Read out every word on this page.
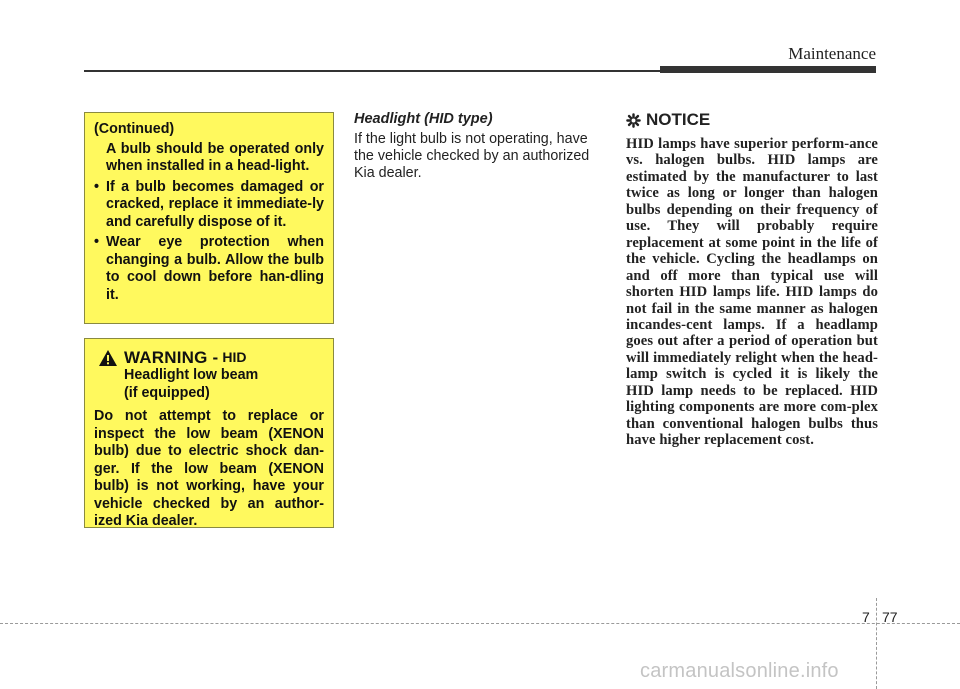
Maintenance
(Continued)

A bulb should be operated only when installed in a head-light.

• If a bulb becomes damaged or cracked, replace it immediate-ly and carefully dispose of it.
• Wear eye protection when changing a bulb. Allow the bulb to cool down before han-dling it.
WARNING - HID
Headlight low beam
(if equipped)
Do not attempt to replace or inspect the low beam (XENON bulb) due to electric shock dan-ger. If the low beam (XENON bulb) is not working, have your vehicle checked by an author-ized Kia dealer.

Headlight (HID type)

If the light bulb is not operating, have the vehicle checked by an authorized Kia dealer.

NOTICE

HID lamps have superior perform-ance vs. halogen bulbs. HID lamps are estimated by the manufacturer to last twice as long or longer than halogen bulbs depending on their frequency of use. They will probably require replacement at some point in the life of the vehicle. Cycling the headlamps on and off more than typical use will shorten HID lamps life. HID lamps do not fail in the same manner as halogen incandes-cent lamps. If a headlamp goes out after a period of operation but will immediately relight when the head-lamp switch is cycled it is likely the HID lamp needs to be replaced. HID lighting components are more com-plex than conventional halogen bulbs thus have higher replacement cost.

7 77
carmanualsonline.info
